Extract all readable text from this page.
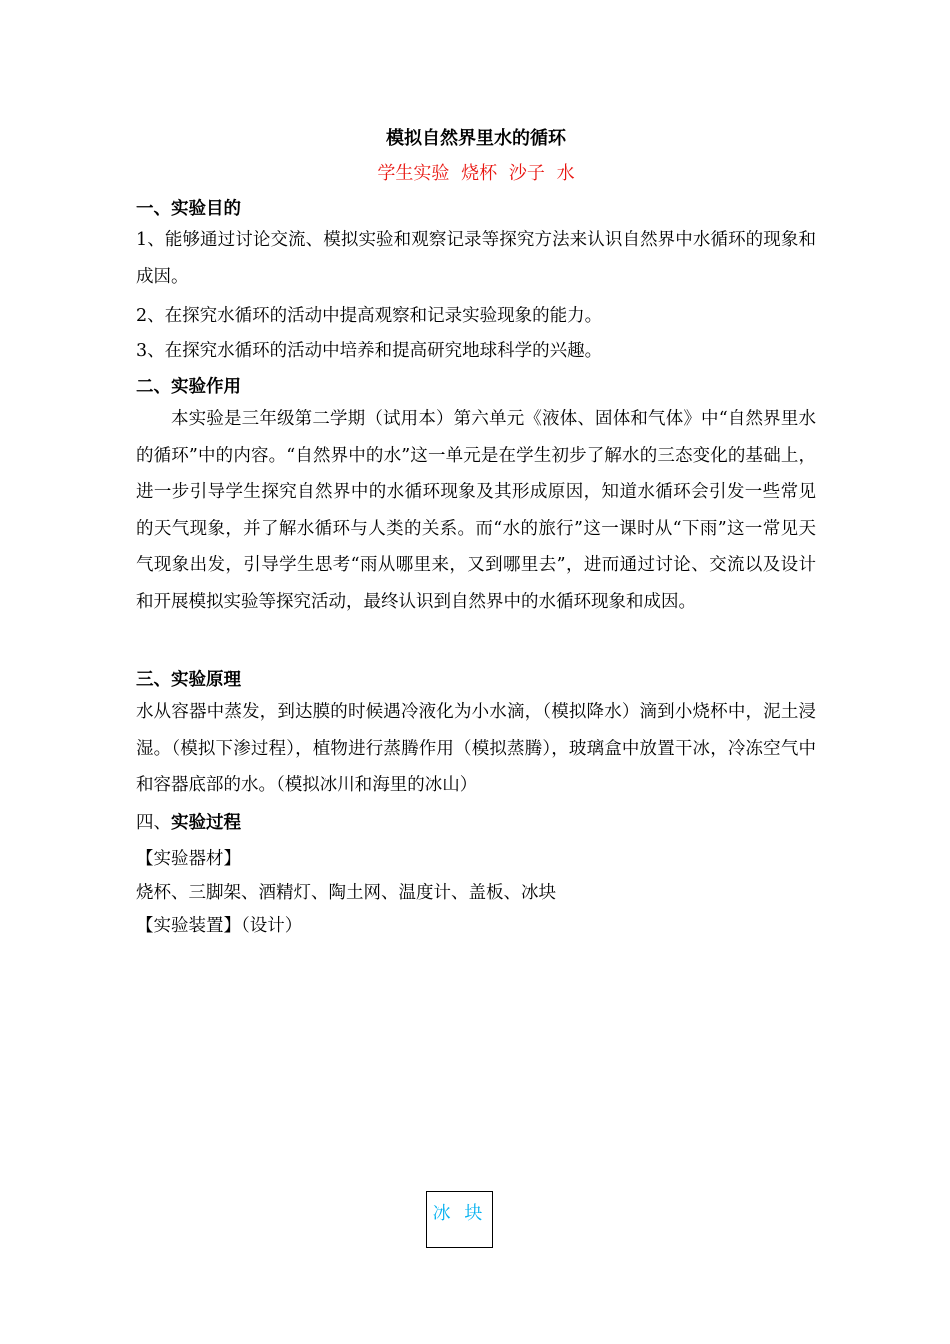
模拟自然界里水的循环
学生实验 烧杯 沙子 水
一、实验目的
1、能够通过讨论交流、模拟实验和观察记录等探究方法来认识自然界中水循环的现象和成因。
2、在探究水循环的活动中提高观察和记录实验现象的能力。
3、在探究水循环的活动中培养和提高研究地球科学的兴趣。
二、实验作用
本实验是三年级第二学期（试用本）第六单元《液体、固体和气体》中“自然界里水的循环”中的内容。“自然界中的水”这一单元是在学生初步了解水的三态变化的基础上，进一步引导学生探究自然界中的水循环现象及其形成原因，知道水循环会引发一些常见的天气现象，并了解水循环与人类的关系。而“水的旅行”这一课时从“下雨”这一常见天气现象出发，引导学生思考“雨从哪里来，又到哪里去”，进而通过讨论、交流以及设计和开展模拟实验等探究活动，最终认识到自然界中的水循环现象和成因。
三、实验原理
水从容器中蒸发，到达膜的时候遇冷液化为小水滴，（模拟降水）滴到小烧杯中，泥土浸湿。（模拟下渗过程），植物进行蒸腾作用（模拟蒸腾），玻璃盒中放置干冰，冷冻空气中和容器底部的水。（模拟冰川和海里的冰山）
四、实验过程
【实验器材】
烧杯、三脚架、酒精灯、陶土网、温度计、盖板、冰块
【实验装置】（设计）
冰 块
